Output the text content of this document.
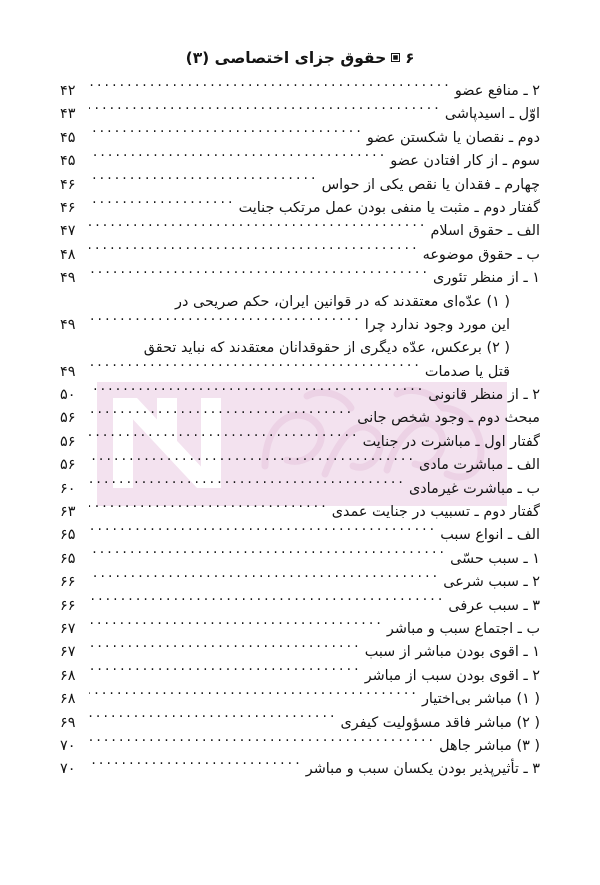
۶
حقوق جزای اختصاصی (۳)
۲ ـ منافع عضو
.....
۴۲
اوّل ـ اسیدپاشی
.....
۴۳
دوم ـ نقصان یا شکستن عضو
.....
۴۵
سوم ـ از کار افتادن عضو
.....
۴۵
چهارم ـ فقدان یا نقص یکی از حواس
.....
۴۶
گفتار دوم ـ مثبت یا منفی بودن عمل مرتکب جنایت
.....
۴۶
الف ـ حقوق اسلام
.....
۴۷
ب ـ حقوق موضوعه
.....
۴۸
۱ ـ از منظر تئوری
.....
۴۹
( ۱) عدّه‌ای معتقدند که در قوانین ایران، حکم صریحی در
این مورد وجود ندارد چرا
.....
۴۹
( ۲) برعکس، عدّه دیگری از حقوقدانان معتقدند که نباید تحقق
قتل یا صدمات
.....
۴۹
۲ ـ از منظر قانونی
.....
۵۰
مبحث دوم ـ وجود شخص جانی
.....
۵۶
گفتار اول ـ مباشرت در جنایت
.....
۵۶
الف ـ مباشرت مادی
.....
۵۶
ب ـ مباشرت غیرمادی
.....
۶۰
گفتار دوم ـ تسبیب در جنایت عمدی
.....
۶۳
الف ـ انواع سبب
.....
۶۵
۱ ـ سبب حسّی
.....
۶۵
۲ ـ سبب شرعی
.....
۶۶
۳ ـ سبب عرفی
.....
۶۶
ب ـ اجتماع سبب و مباشر
.....
۶۷
۱ ـ اقوی بودن مباشر از سبب
.....
۶۷
۲ ـ اقوی بودن سبب از مباشر
.....
۶۸
( ۱) مباشر بی‌اختیار
.....
۶۸
( ۲) مباشر فاقد مسؤولیت کیفری
.....
۶۹
( ۳) مباشر جاهل
.....
۷۰
۳ ـ تأثیرپذیر بودن یکسان سبب و مباشر
.....
۷۰
